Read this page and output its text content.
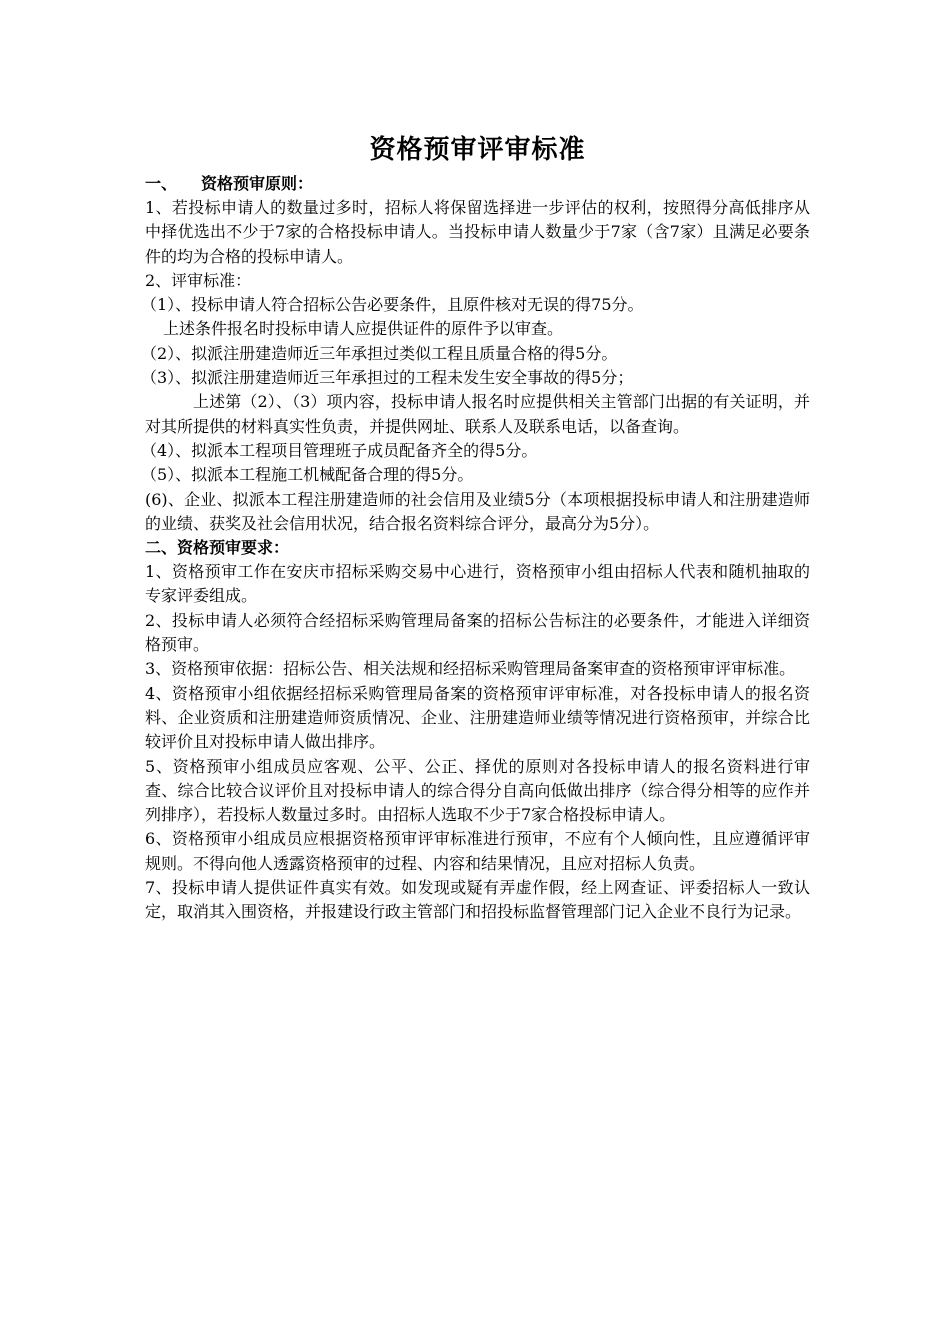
资格预审评审标准
一、 资格预审原则：

1、若投标申请人的数量过多时，招标人将保留选择进一步评估的权利，按照得分高低排序从中择优选出不少于7家的合格投标申请人。当投标申请人数量少于7家（含7家）且满足必要条件的均为合格的投标申请人。

2、评审标准：

（1）、投标申请人符合招标公告必要条件，且原件核对无误的得75分。

上述条件报名时投标申请人应提供证件的原件予以审查。

（2）、拟派注册建造师近三年承担过类似工程且质量合格的得5分。

（3）、拟派注册建造师近三年承担过的工程未发生安全事故的得5分；

上述第（2）、（3）项内容，投标申请人报名时应提供相关主管部门出据的有关证明，并对其所提供的材料真实性负责，并提供网址、联系人及联系电话，以备查询。

（4）、拟派本工程项目管理班子成员配备齐全的得5分。

（5）、拟派本工程施工机械配备合理的得5分。

(6)、企业、拟派本工程注册建造师的社会信用及业绩5分（本项根据投标申请人和注册建造师的业绩、获奖及社会信用状况，结合报名资料综合评分，最高分为5分）。

二、资格预审要求：

1、资格预审工作在安庆市招标采购交易中心进行，资格预审小组由招标人代表和随机抽取的专家评委组成。

2、投标申请人必须符合经招标采购管理局备案的招标公告标注的必要条件，才能进入详细资格预审。

3、资格预审依据：招标公告、相关法规和经招标采购管理局备案审查的资格预审评审标准。

4、资格预审小组依据经招标采购管理局备案的资格预审评审标准，对各投标申请人的报名资料、企业资质和注册建造师资质情况、企业、注册建造师业绩等情况进行资格预审，并综合比较评价且对投标申请人做出排序。

5、资格预审小组成员应客观、公平、公正、择优的原则对各投标申请人的报名资料进行审查、综合比较合议评价且对投标申请人的综合得分自高向低做出排序（综合得分相等的应作并列排序），若投标人数量过多时。由招标人选取不少于7家合格投标申请人。

6、资格预审小组成员应根据资格预审评审标准进行预审，不应有个人倾向性，且应遵循评审规则。不得向他人透露资格预审的过程、内容和结果情况，且应对招标人负责。

7、投标申请人提供证件真实有效。如发现或疑有弄虚作假，经上网查证、评委招标人一致认定，取消其入围资格，并报建设行政主管部门和招投标监督管理部门记入企业不良行为记录。
